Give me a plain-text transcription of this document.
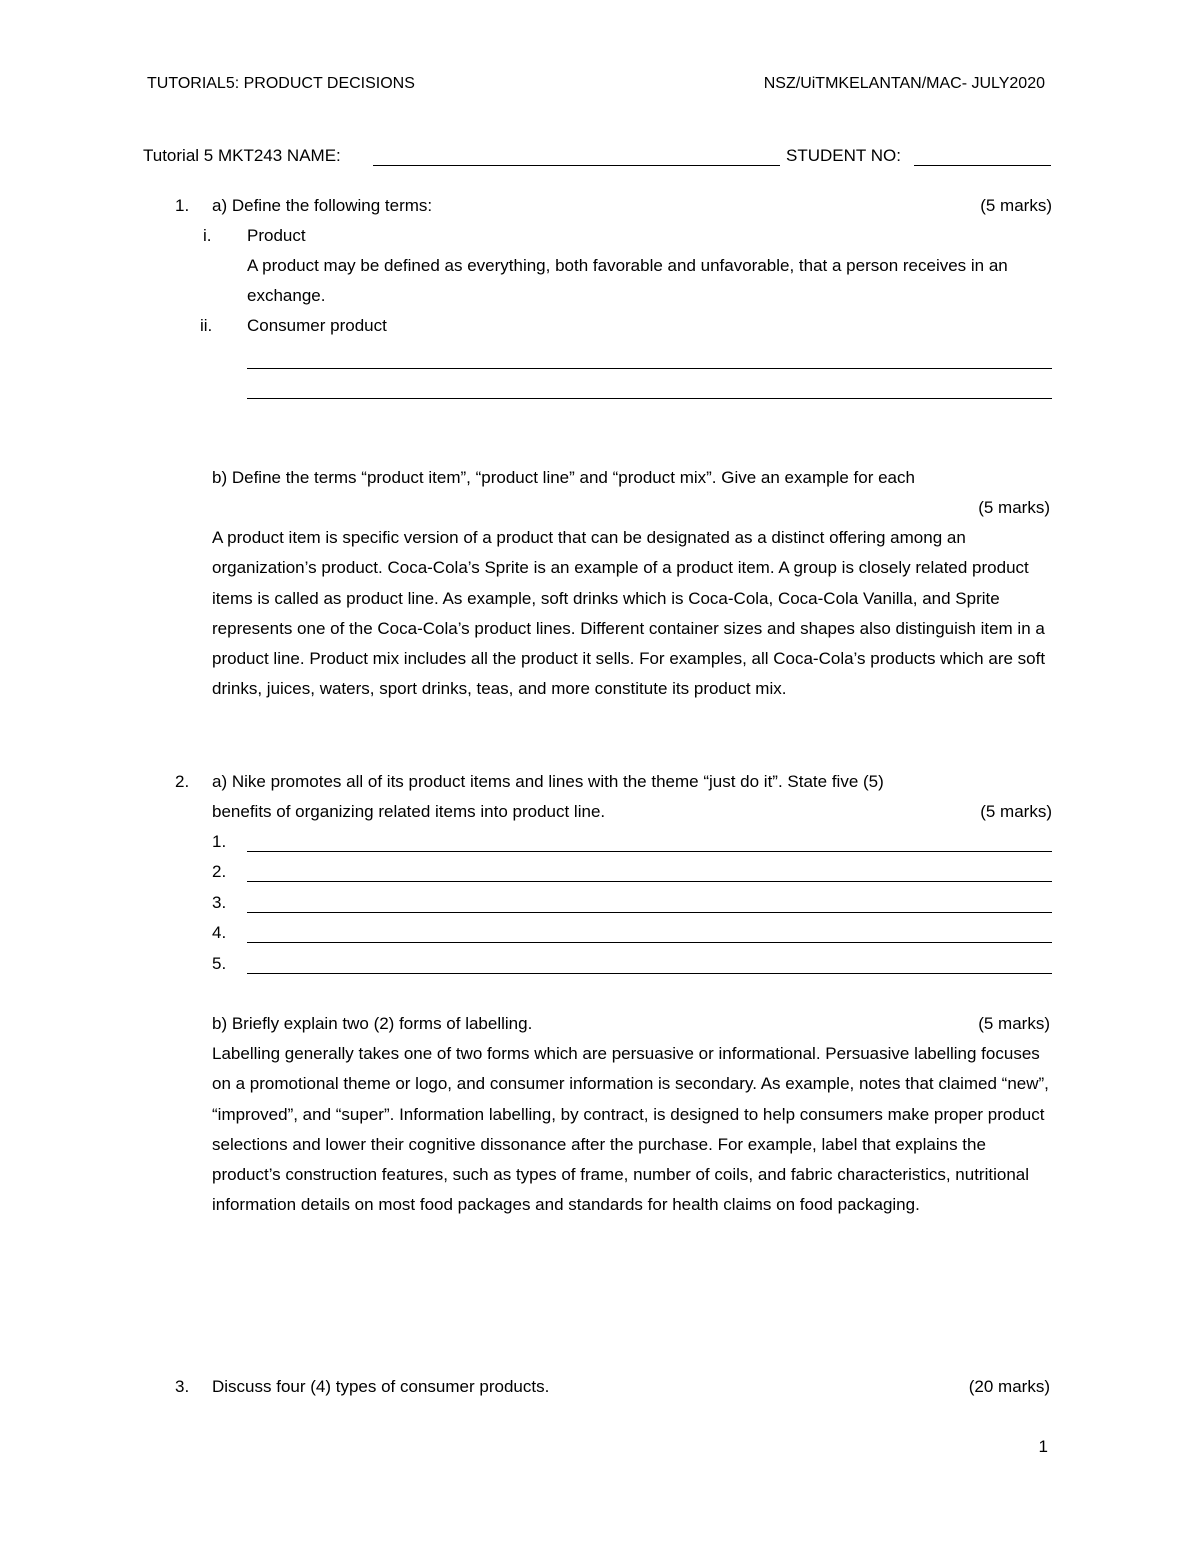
TUTORIAL5: PRODUCT DECISIONS	NSZ/UiTMKELANTAN/MAC- JULY2020
Tutorial 5 MKT243 NAME:	STUDENT NO:
1. a) Define the following terms:	(5 marks)
i. Product
A product may be defined as everything, both favorable and unfavorable, that a person receives in an exchange.
ii. Consumer product
b) Define the terms “product item”, “product line” and “product mix”. Give an example for each
(5 marks)
A product item is specific version of a product that can be designated as a distinct offering among an organization’s product. Coca-Cola’s Sprite is an example of a product item. A group is closely related product items is called as product line. As example, soft drinks which is Coca-Cola, Coca-Cola Vanilla, and Sprite represents one of the Coca-Cola’s product lines. Different container sizes and shapes also distinguish item in a product line. Product mix includes all the product it sells. For examples, all Coca-Cola’s products which are soft drinks, juices, waters, sport drinks, teas, and more constitute its product mix.
2. a) Nike promotes all of its product items and lines with the theme “just do it”. State five (5)
benefits of organizing related items into product line.	(5 marks)
1.
2.
3.
4.
5.
b) Briefly explain two (2) forms of labelling.	(5 marks)
Labelling generally takes one of two forms which are persuasive or informational. Persuasive labelling focuses on a promotional theme or logo, and consumer information is secondary. As example, notes that claimed “new”, “improved”, and “super”. Information labelling, by contract, is designed to help consumers make proper product selections and lower their cognitive dissonance after the purchase. For example, label that explains the product’s construction features, such as types of frame, number of coils, and fabric characteristics, nutritional information details on most food packages and standards for health claims on food packaging.
3. Discuss four (4) types of consumer products.	(20 marks)
1
